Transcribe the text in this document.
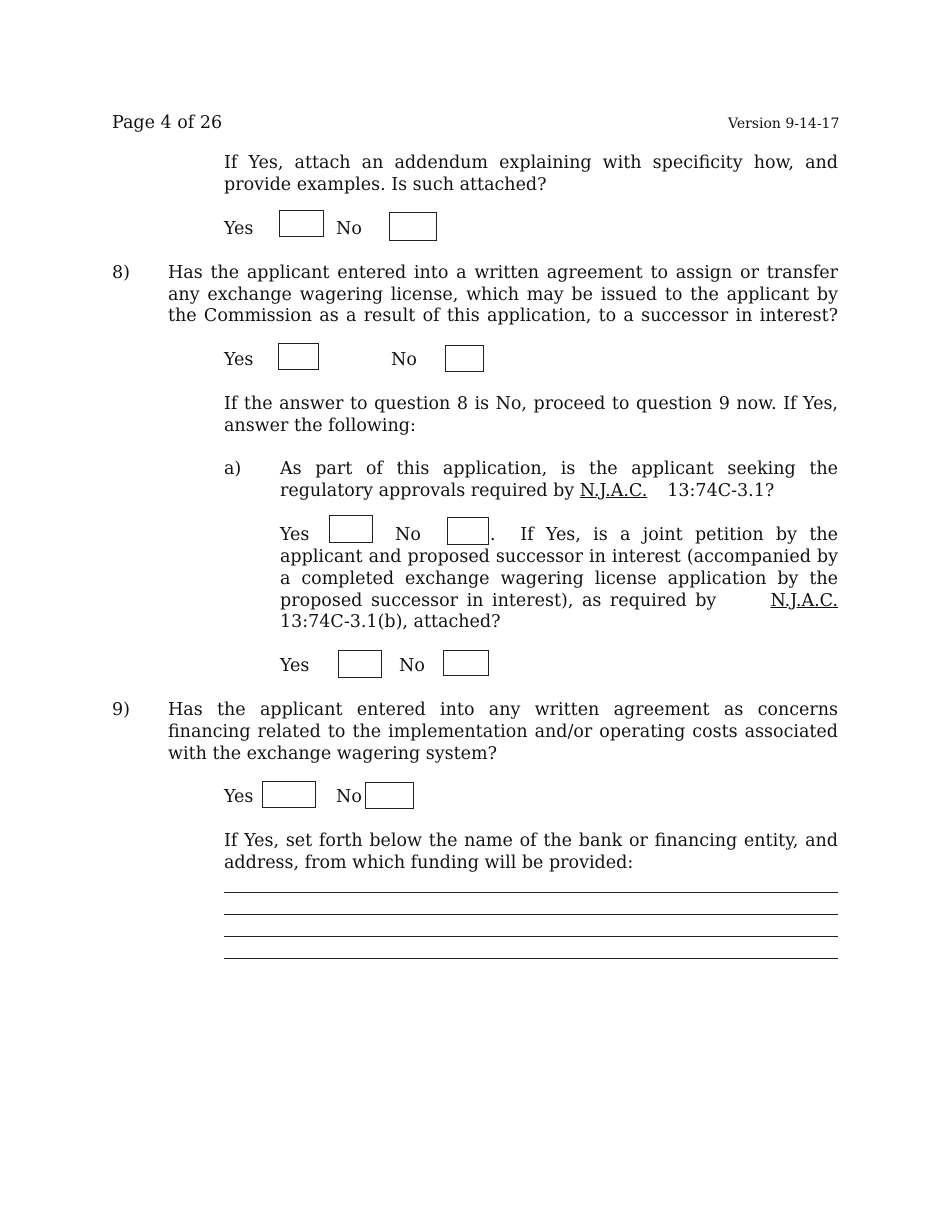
Page 4 of 26	Version 9-14-17
If Yes, attach an addendum explaining with specificity how, and
provide examples. Is such attached?
Yes	No
8) Has the applicant entered into a written agreement to assign or transfer
any exchange wagering license, which may be issued to the applicant by
the Commission as a result of this application, to a successor in interest?
Yes	No
If the answer to question 8 is No, proceed to question 9 now. If Yes,
answer the following:
a) As part of this application, is the applicant seeking the
regulatory approvals required by N.J.A.C. 13:74C-3.1?
Yes	No	.  If Yes, is a joint petition by the
applicant and proposed successor in interest (accompanied by
a completed exchange wagering license application by the
proposed successor in interest), as required by	N.J.A.C.
13:74C-3.1(b), attached?
Yes	No
9) Has the applicant entered into any written agreement as concerns
financing related to the implementation and/or operating costs associated
with the exchange wagering system?
Yes	No
If Yes, set forth below the name of the bank or financing entity, and
address, from which funding will be provided:
